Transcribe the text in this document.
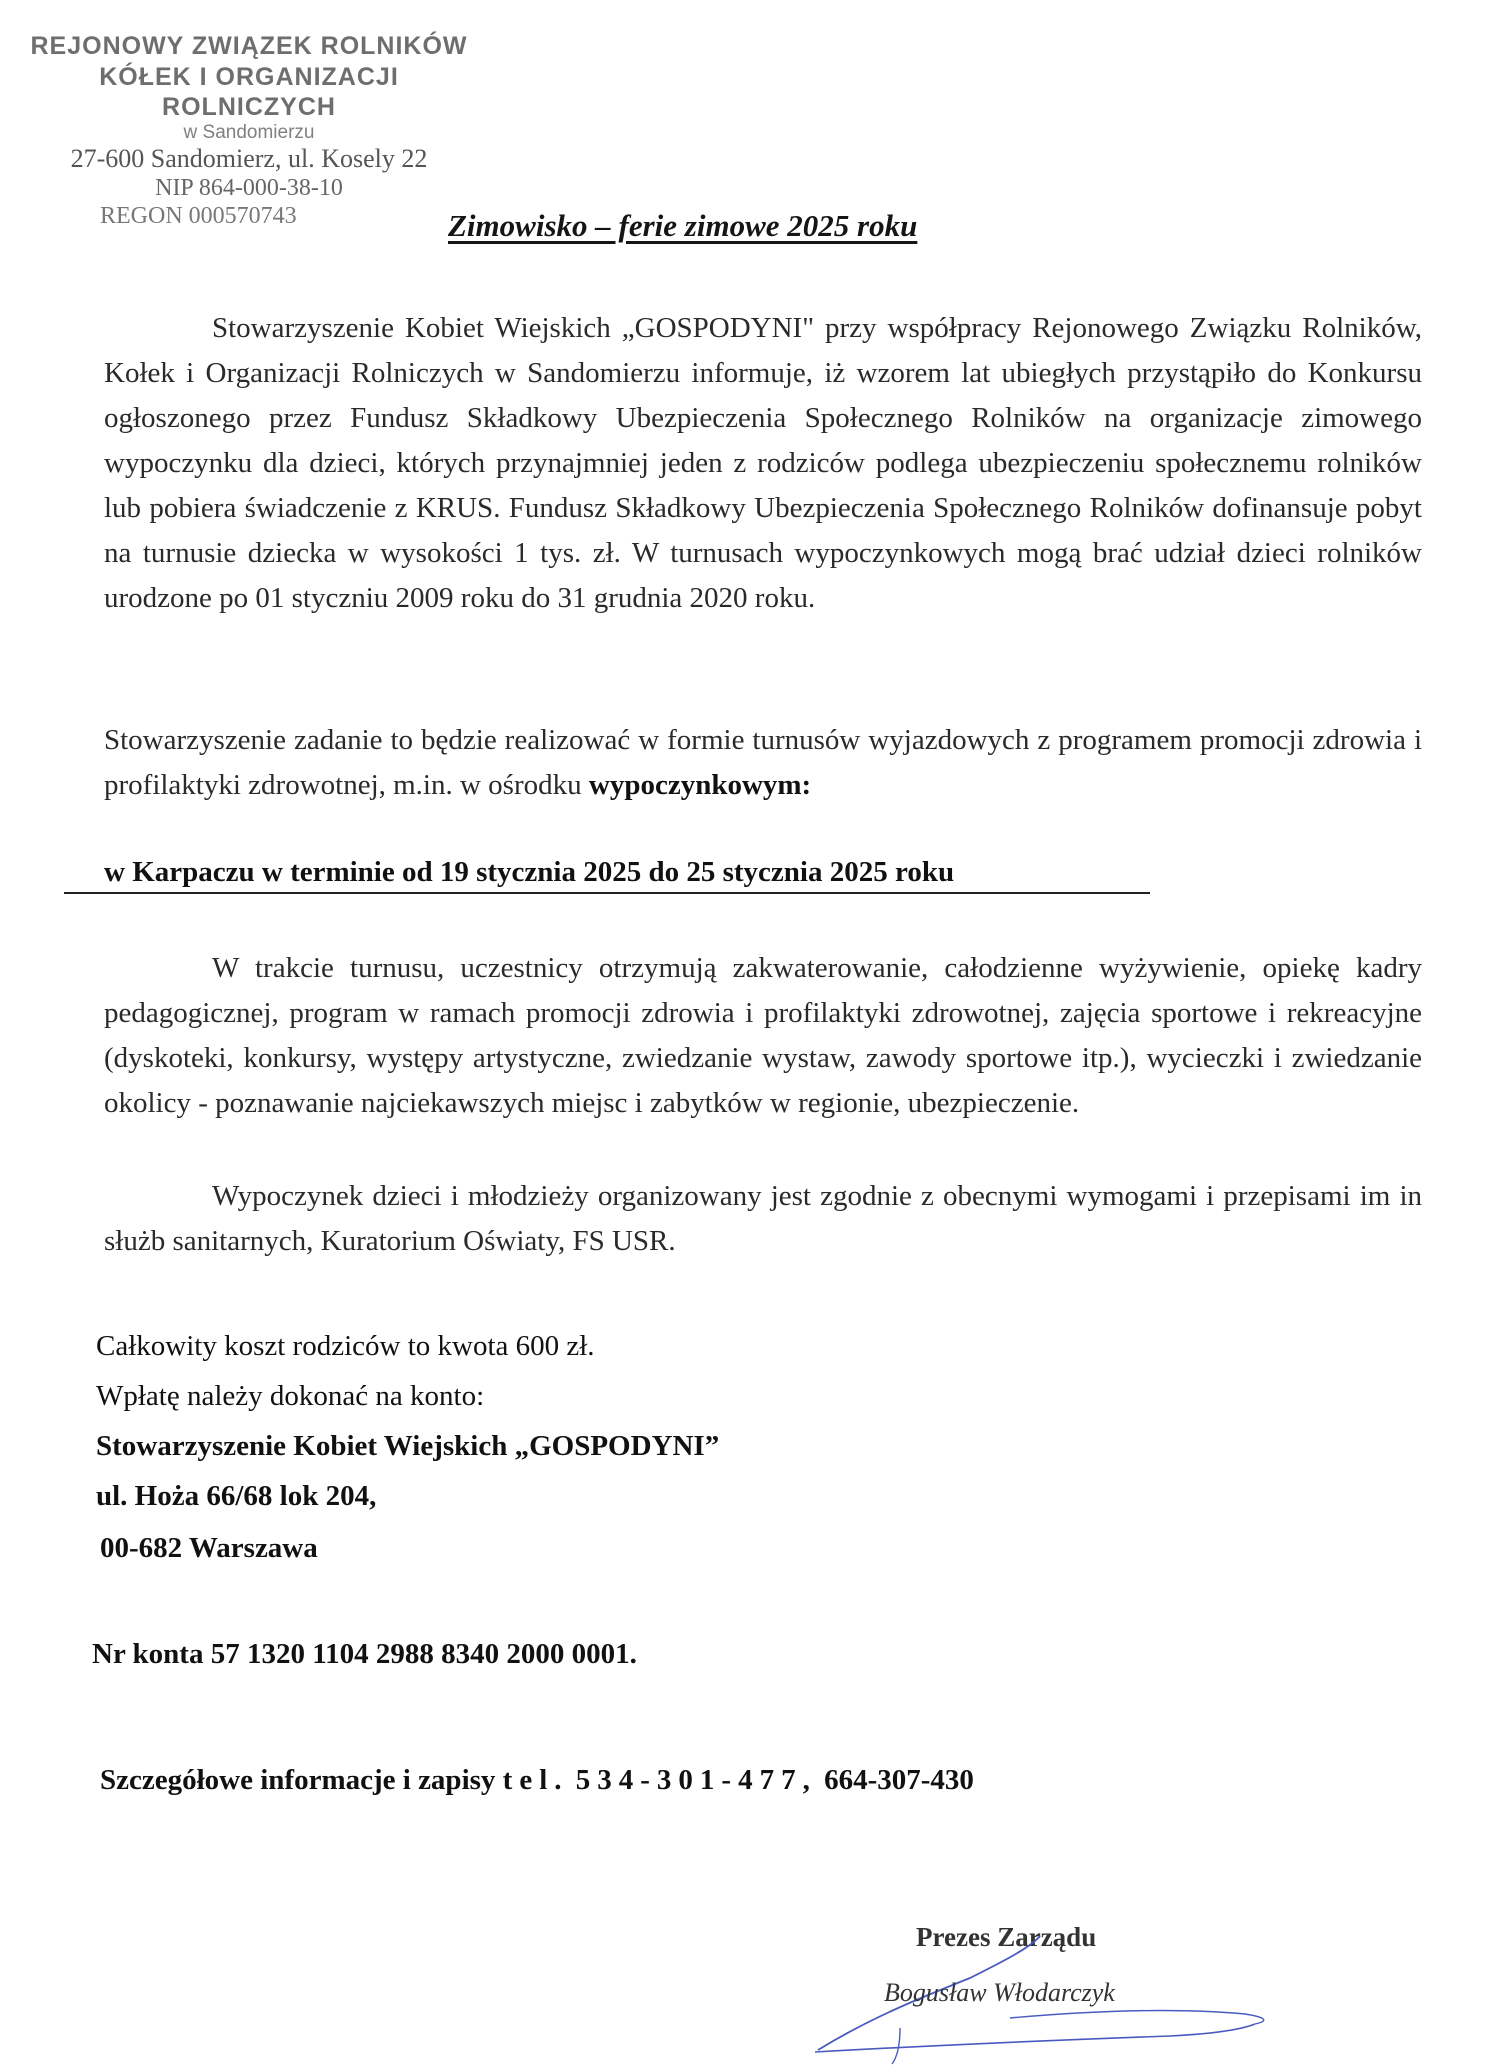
REJONOWY ZWIĄZEK ROLNIKÓW
KÓŁEK I ORGANIZACJI ROLNICZYCH
w Sandomierzu
27-600 Sandomierz, ul. Kosely 22
NIP 864-000-38-10
REGON 000570743	Zimowisko – ferie zimowe 2025 roku

Stowarzyszenie Kobiet Wiejskich „GOSPODYNI" przy współpracy Rejonowego Związku Rolników, Kołek i Organizacji Rolniczych w Sandomierzu informuje, iż wzorem lat ubiegłych przystąpiło do Konkursu ogłoszonego przez Fundusz Składkowy Ubezpieczenia Społecznego Rolników na organizacje zimowego wypoczynku dla dzieci, których przynajmniej jeden z rodziców podlega ubezpieczeniu społecznemu rolników lub pobiera świadczenie z KRUS. Fundusz Składkowy Ubezpieczenia Społecznego Rolników dofinansuje pobyt na turnusie dziecka w wysokości 1 tys. zł. W turnusach wypoczynkowych mogą brać udział dzieci rolników urodzone po 01 styczniu 2009 roku do 31 grudnia 2020 roku.

Stowarzyszenie zadanie to będzie realizować w formie turnusów wyjazdowych z programem promocji zdrowia i profilaktyki zdrowotnej, m.in. w ośrodku wypoczynkowym:

w Karpaczu w terminie od 19 stycznia 2025 do 25 stycznia 2025 roku

W trakcie turnusu, uczestnicy otrzymują zakwaterowanie, całodzienne wyżywienie, opiekę kadry pedagogicznej, program w ramach promocji zdrowia i profilaktyki zdrowotnej, zajęcia sportowe i rekreacyjne (dyskoteki, konkursy, występy artystyczne, zwiedzanie wystaw, zawody sportowe itp.), wycieczki i zwiedzanie okolicy - poznawanie najciekawszych miejsc i zabytków w regionie, ubezpieczenie.

Wypoczynek dzieci i młodzieży organizowany jest zgodnie z obecnymi wymogami i przepisami im in służb sanitarnych, Kuratorium Oświaty, FS USR.

Całkowity koszt rodziców to kwota 600 zł.

Wpłatę należy dokonać na konto:

Stowarzyszenie Kobiet Wiejskich „GOSPODYNI”

ul. Hoża 66/68 lok 204,

00-682 Warszawa

Nr konta 57 1320 1104 2988 8340 2000 0001.

Szczegółowe informacje i zapisy tel. 534-301-477, 664-307-430

Prezes Zarządu
Bogusław Włodarczyk
